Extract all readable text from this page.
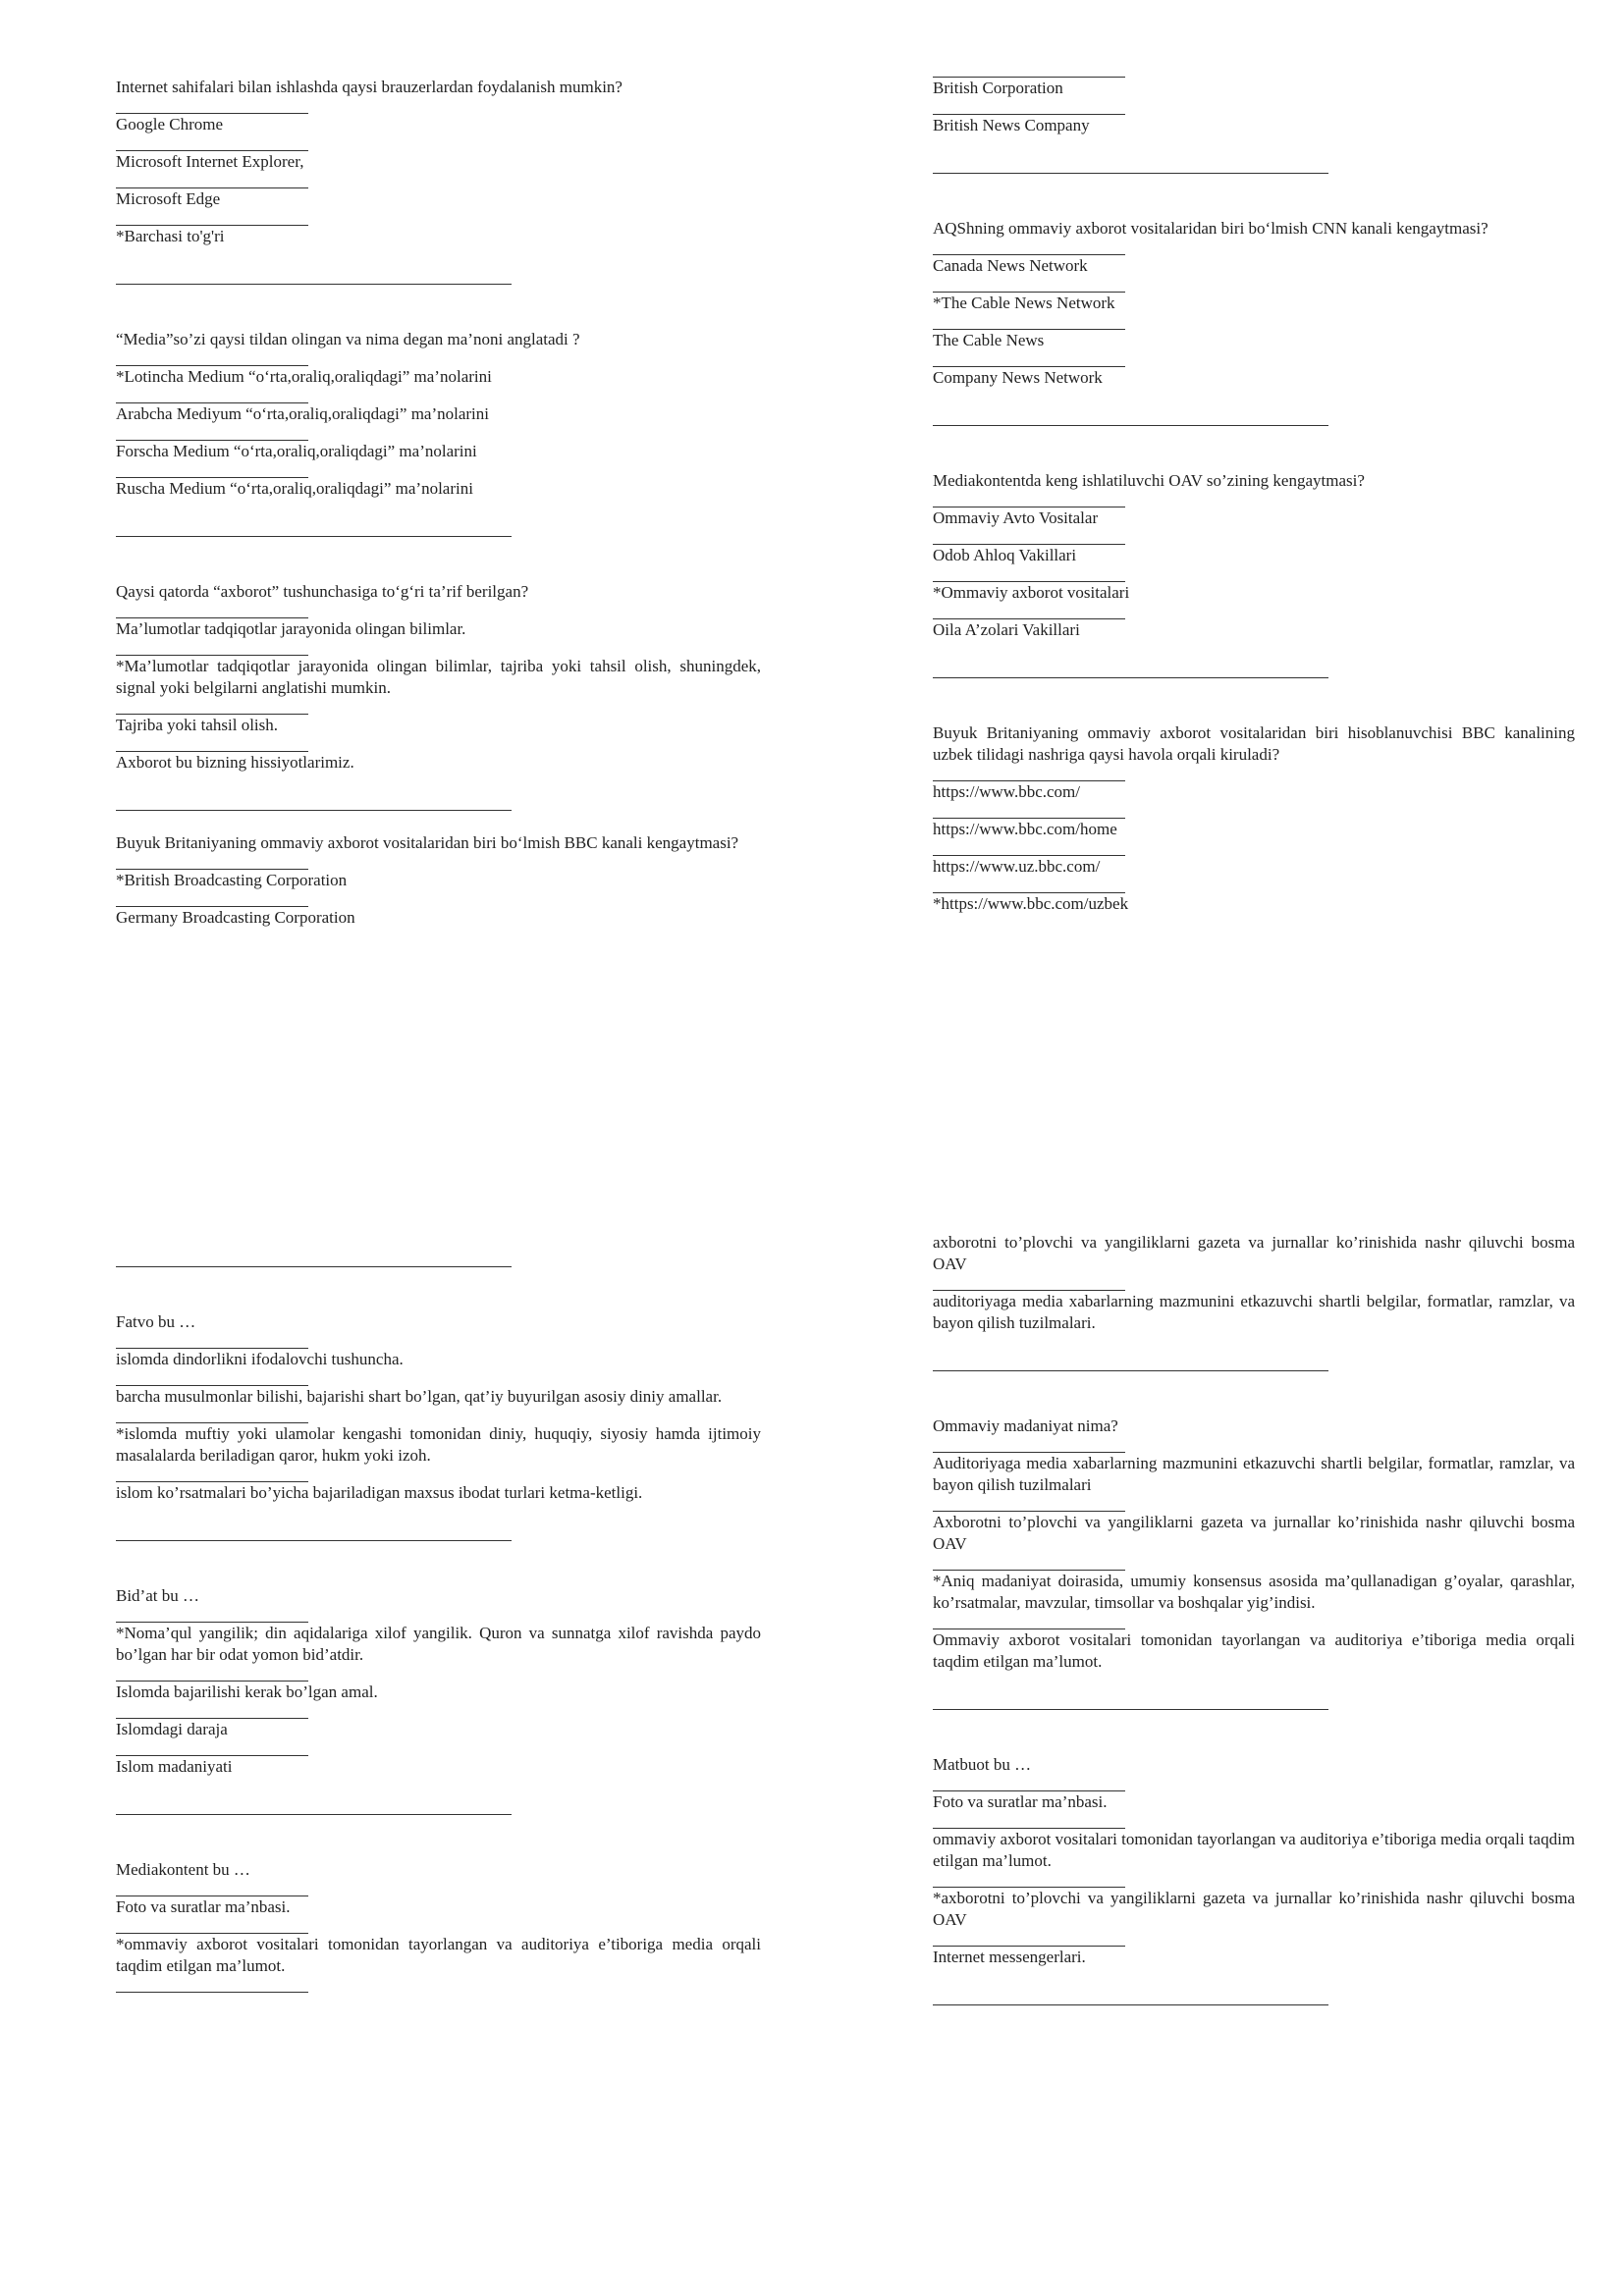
Internet sahifalari bilan ishlashda qaysi brauzerlardan foydalanish mumkin?

Google Chrome

Microsoft Internet Explorer,

Microsoft Edge

*Barchasi to'g'ri

“Media”so’zi qaysi tildan olingan va nima degan ma’noni anglatadi ?

*Lotincha Medium “o‘rta,oraliq,oraliqdagi” ma’nolarini

Arabcha Mediyum “o‘rta,oraliq,oraliqdagi” ma’nolarini

Forscha Medium “o‘rta,oraliq,oraliqdagi” ma’nolarini

Ruscha Medium “o‘rta,oraliq,oraliqdagi” ma’nolarini

Qaysi qatorda “axborot” tushunchasiga to‘g‘ri ta’rif berilgan?

Ma’lumotlar tadqiqotlar jarayonida olingan bilimlar.

*Ma’lumotlar tadqiqotlar jarayonida olingan bilimlar, tajriba yoki tahsil olish, shuningdek, signal yoki belgilarni anglatishi mumkin.

Tajriba yoki tahsil olish.

Axborot bu bizning hissiyotlarimiz.

Buyuk Britaniyaning ommaviy axborot vositalaridan biri bo‘lmish BBC kanali kengaytmasi?

*British Broadcasting Corporation

Germany Broadcasting Corporation

British Corporation

British News Company

AQShning ommaviy axborot vositalaridan biri bo‘lmish CNN kanali kengaytmasi?

Canada News Network

*The Cable News Network

The Cable News

Company News Network

Mediakontentda keng ishlatiluvchi OAV so’zining kengaytmasi?

Ommaviy Avto Vositalar

Odob Ahloq Vakillari

*Ommaviy axborot vositalari

Oila A’zolari Vakillari

Buyuk Britaniyaning ommaviy axborot vositalaridan biri hisoblanuvchisi BBC kanalining uzbek tilidagi nashriga qaysi havola orqali kiruladi?

https://www.bbc.com/

https://www.bbc.com/home

https://www.uz.bbc.com/

*https://www.bbc.com/uzbek

Fatvo bu …

islomda dindorlikni ifodalovchi tushuncha.

barcha musulmonlar bilishi, bajarishi shart bo’lgan, qat’iy buyurilgan asosiy diniy amallar.

*islomda muftiy yoki ulamolar kengashi tomonidan diniy, huquqiy, siyosiy hamda ijtimoiy masalalarda beriladigan qaror, hukm yoki izoh.

islom ko’rsatmalari bo’yicha bajariladigan maxsus ibodat turlari ketma-ketligi.

Bid’at bu …

*Noma’qul yangilik; din aqidalariga xilof yangilik. Quron va sunnatga xilof ravishda paydo bo’lgan har bir odat yomon bid’atdir.

Islomda bajarilishi kerak bo’lgan amal.

Islomdagi daraja

Islom madaniyati

Mediakontent bu …

Foto va suratlar ma’nbasi.

*ommaviy axborot vositalari tomonidan tayorlangan va auditoriya e’tiboriga media orqali taqdim etilgan ma’lumot.

axborotni to’plovchi va yangiliklarni gazeta va jurnallar ko’rinishida nashr qiluvchi bosma OAV

auditoriyaga media xabarlarning mazmunini etkazuvchi shartli belgilar, formatlar, ramzlar, va bayon qilish tuzilmalari.

Ommaviy madaniyat nima?

Auditoriyaga media xabarlarning mazmunini etkazuvchi shartli belgilar, formatlar, ramzlar, va bayon qilish tuzilmalari

Axborotni to’plovchi va yangiliklarni gazeta va jurnallar ko’rinishida nashr qiluvchi bosma OAV

*Aniq madaniyat doirasida, umumiy konsensus asosida ma’qullanadigan g’oyalar, qarashlar, ko’rsatmalar, mavzular, timsollar va boshqalar yig’indisi.

Ommaviy axborot vositalari tomonidan tayorlangan va auditoriya e’tiboriga media orqali taqdim etilgan ma’lumot.

Matbuot bu …

Foto va suratlar ma’nbasi.

ommaviy axborot vositalari tomonidan tayorlangan va auditoriya e’tiboriga media orqali taqdim etilgan ma’lumot.

*axborotni to’plovchi va yangiliklarni gazeta va jurnallar ko’rinishida nashr qiluvchi bosma OAV

Internet messengerlari.
